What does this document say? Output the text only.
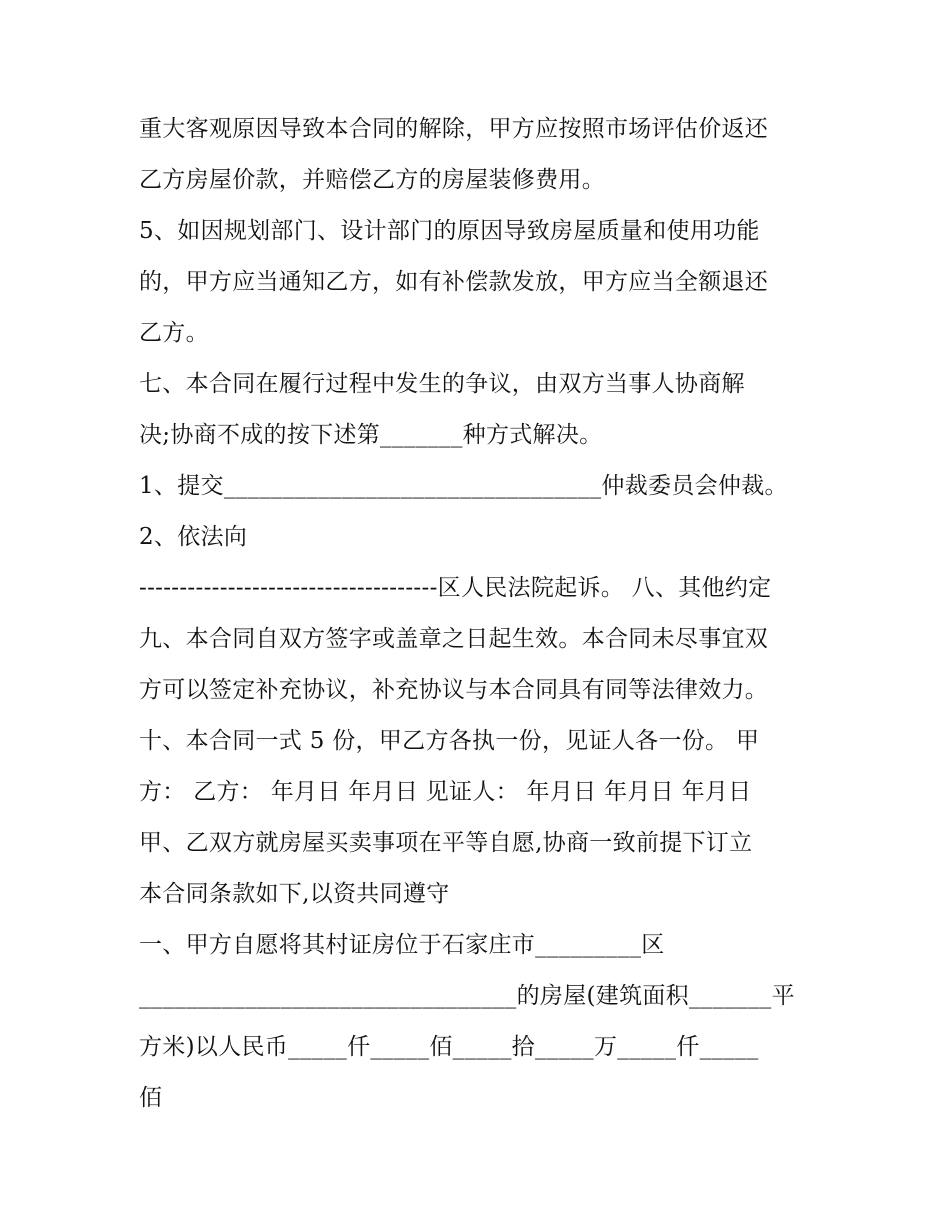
重大客观原因导致本合同的解除，甲方应按照市场评估价返还
乙方房屋价款，并赔偿乙方的房屋装修费用。
5、如因规划部门、设计部门的原因导致房屋质量和使用功能
的，甲方应当通知乙方，如有补偿款发放，甲方应当全额退还
乙方。
七、本合同在履行过程中发生的争议，由双方当事人协商解
决;协商不成的按下述第_______种方式解决。
1、提交________________________________仲裁委员会仲裁。
2、依法向
-------------------------------------区人民法院起诉。 八、其他约定
九、本合同自双方签字或盖章之日起生效。本合同未尽事宜双
方可以签定补充协议，补充协议与本合同具有同等法律效力。
十、本合同一式 5 份，甲乙方各执一份，见证人各一份。 甲
方： 乙方： 年月日 年月日 见证人： 年月日 年月日 年月日
甲、乙双方就房屋买卖事项在平等自愿,协商一致前提下订立
本合同条款如下,以资共同遵守
一、甲方自愿将其村证房位于石家庄市_________区
________________________________的房屋(建筑面积_______平
方米)以人民币_____仟_____佰_____拾_____万_____仟_____
佰
